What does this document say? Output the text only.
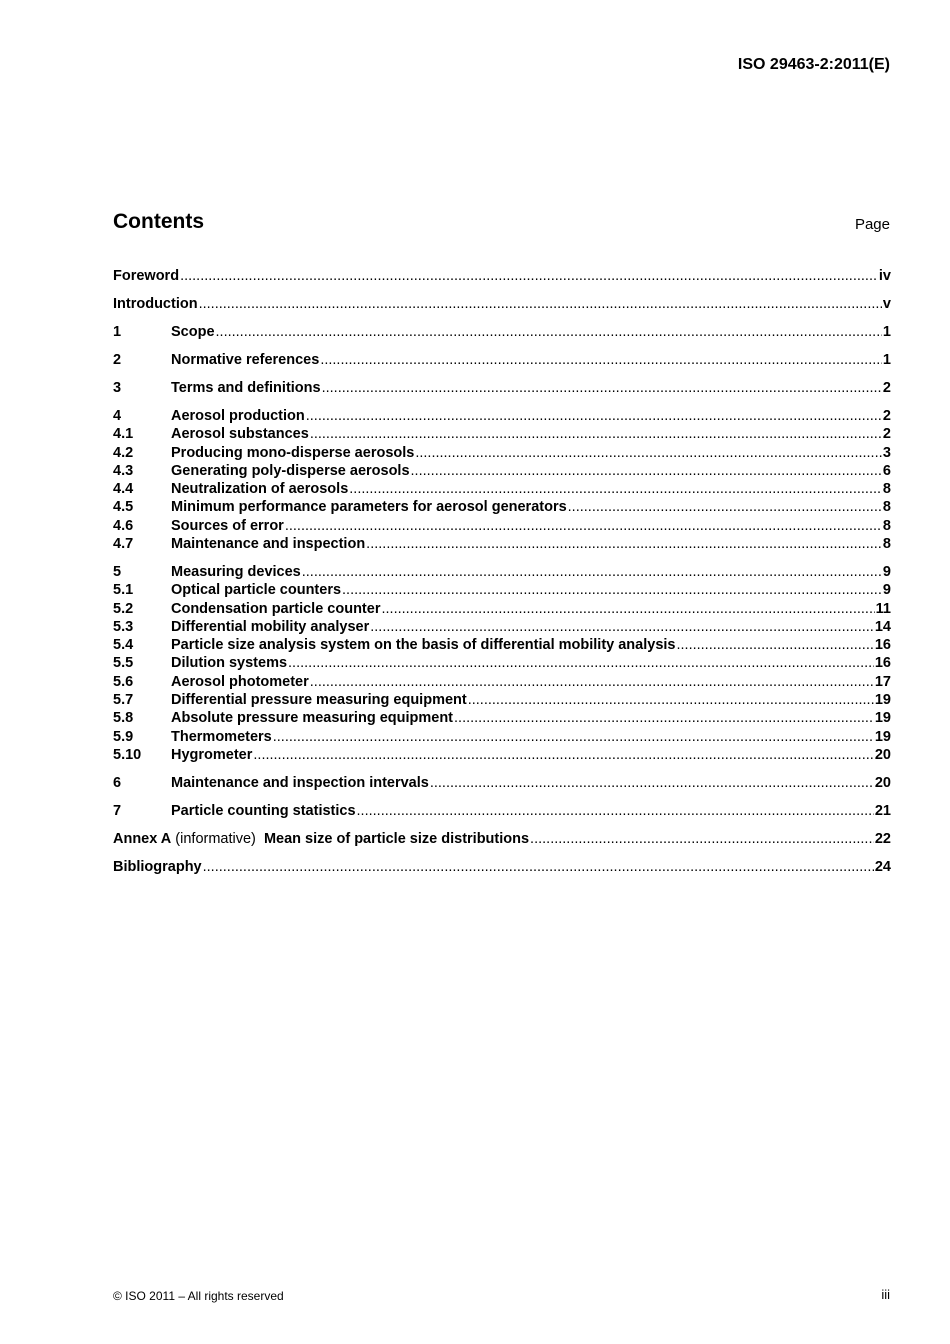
ISO 29463-2:2011(E)
Contents	Page
Foreword .....	iv
Introduction .....	v
1	Scope .....	1
2	Normative references .....	1
3	Terms and definitions .....	2
4	Aerosol production .....	2
4.1	Aerosol substances .....	2
4.2	Producing mono-disperse aerosols .....	3
4.3	Generating poly-disperse aerosols .....	6
4.4	Neutralization of aerosols .....	8
4.5	Minimum performance parameters for aerosol generators .....	8
4.6	Sources of error .....	8
4.7	Maintenance and inspection .....	8
5	Measuring devices .....	9
5.1	Optical particle counters .....	9
5.2	Condensation particle counter .....	11
5.3	Differential mobility analyser .....	14
5.4	Particle size analysis system on the basis of differential mobility analysis .....	16
5.5	Dilution systems .....	16
5.6	Aerosol photometer .....	17
5.7	Differential pressure measuring equipment .....	19
5.8	Absolute pressure measuring equipment .....	19
5.9	Thermometers .....	19
5.10	Hygrometer .....	20
6	Maintenance and inspection intervals .....	20
7	Particle counting statistics .....	21
Annex A (informative)  Mean size of particle size distributions .....	22
Bibliography .....	24
© ISO 2011 – All rights reserved	iii
